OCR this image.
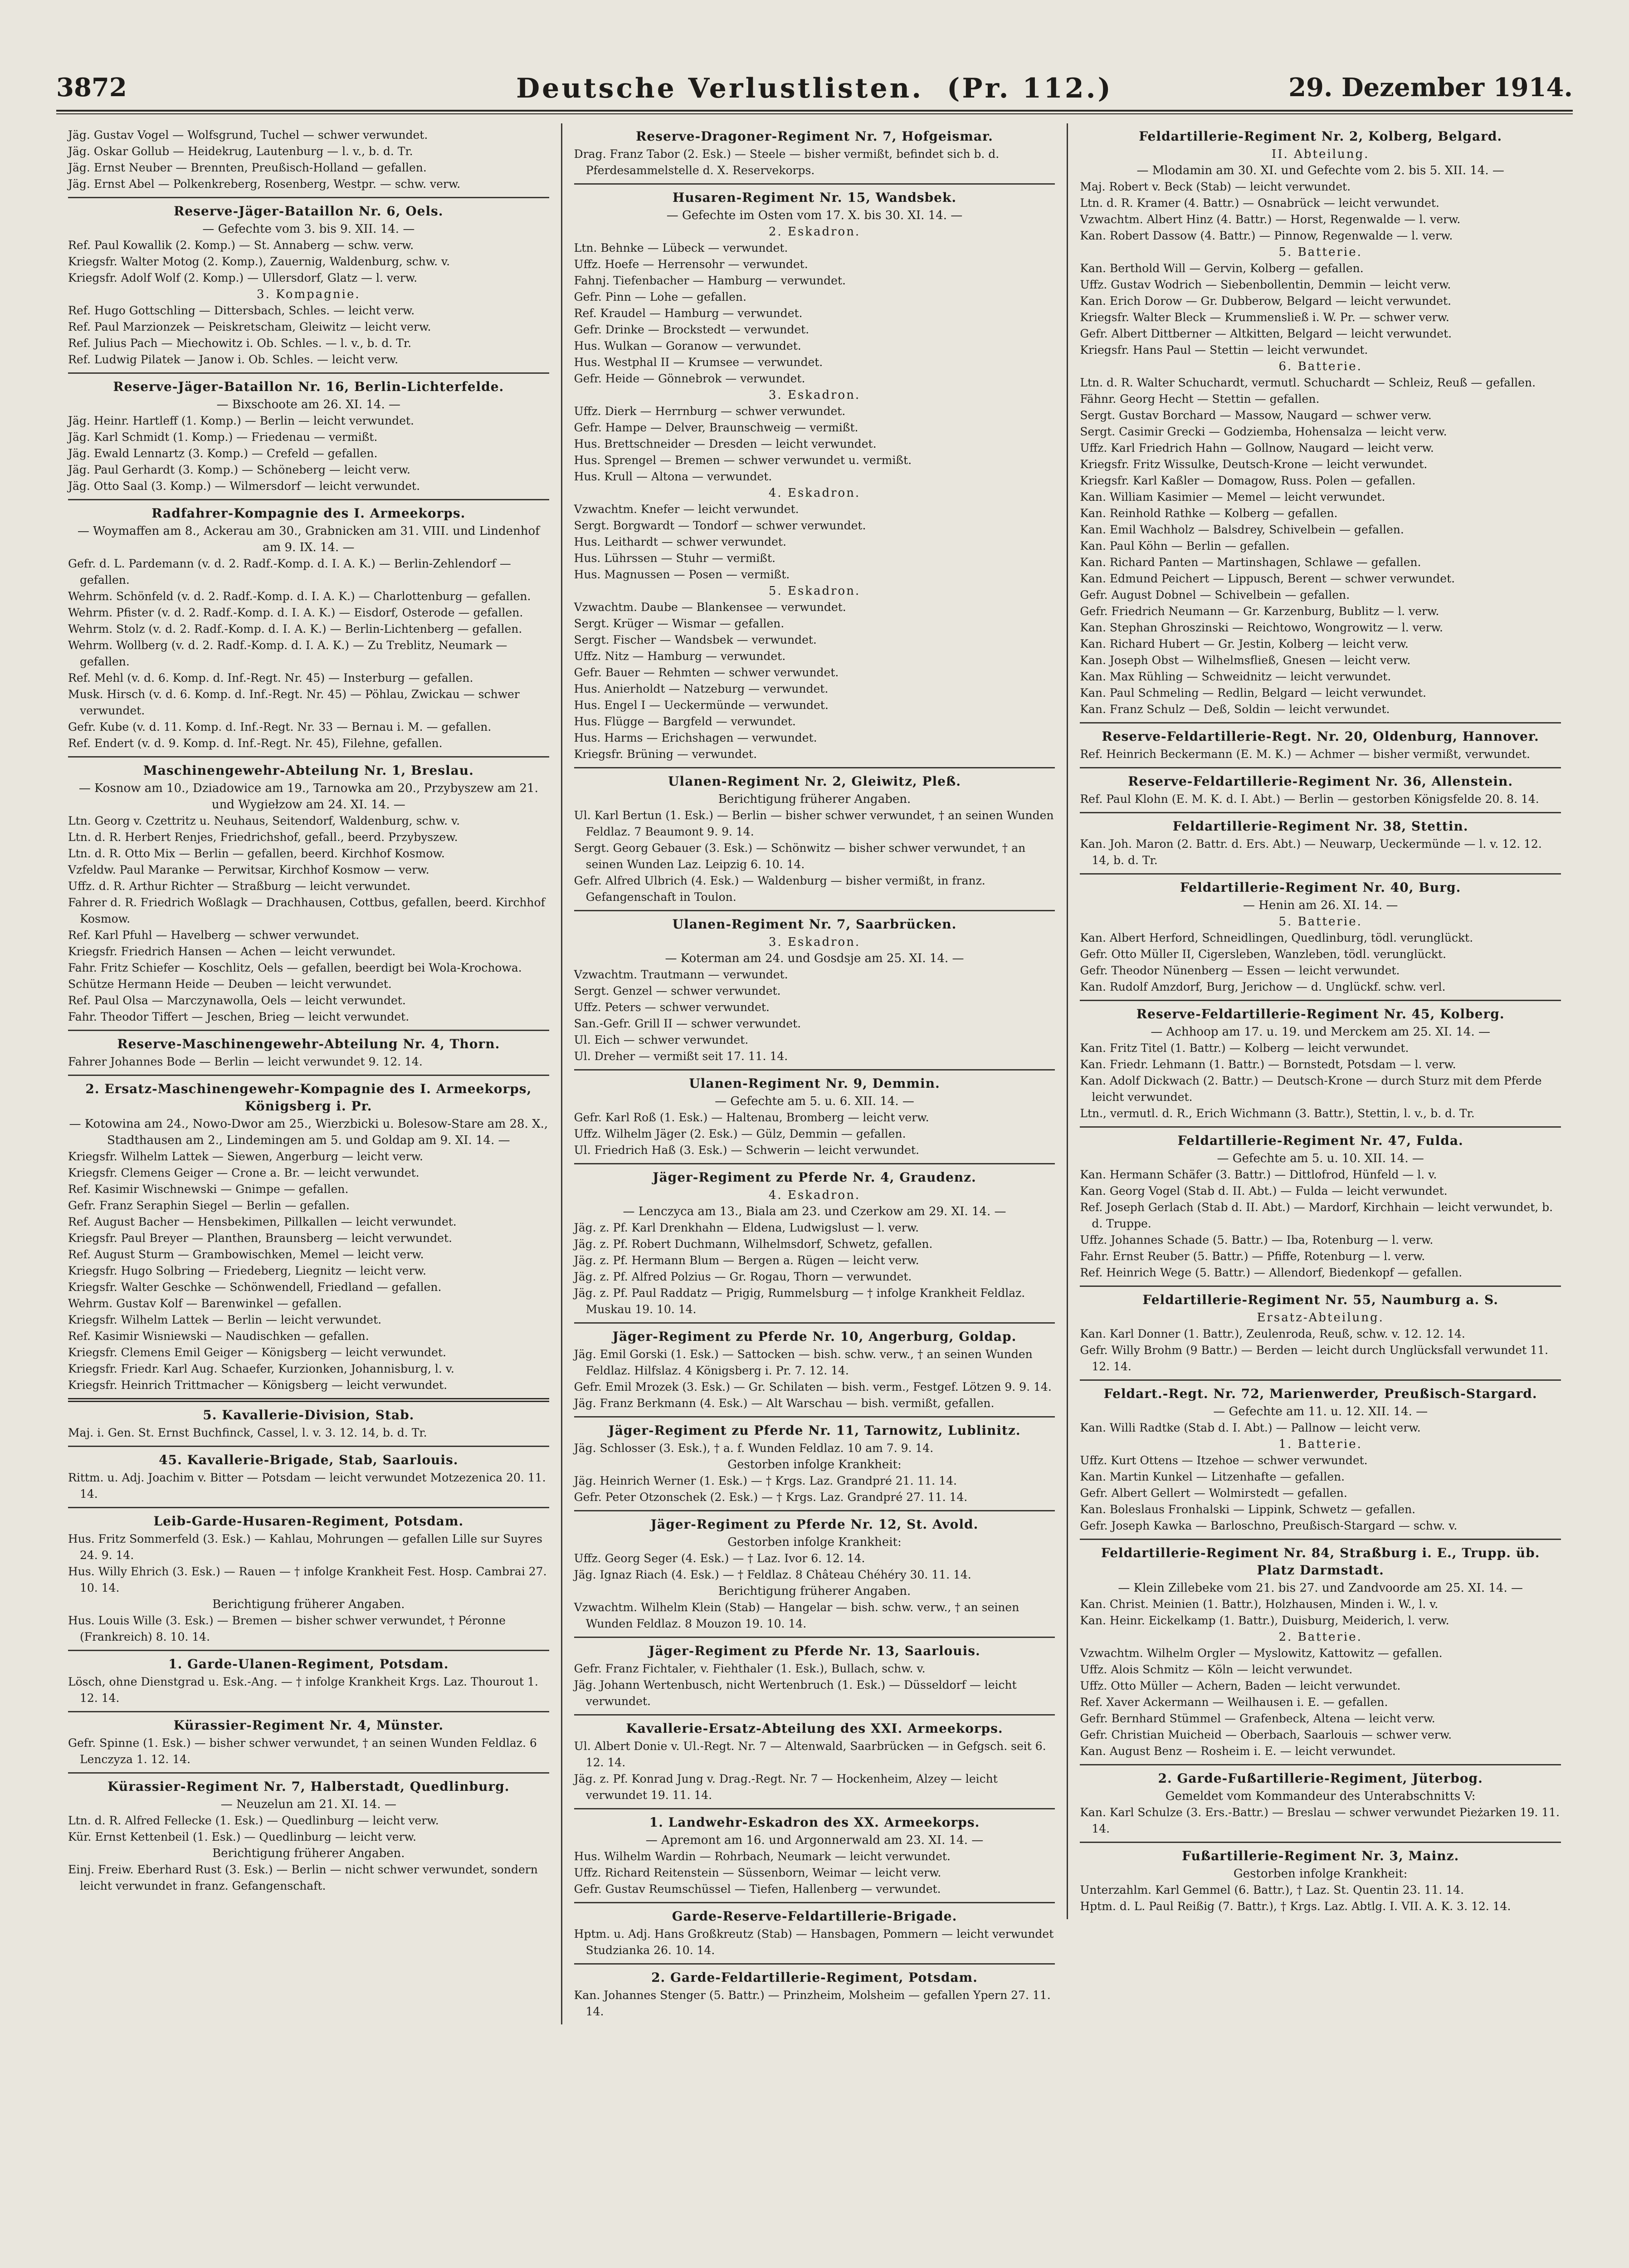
3872	Deutsche Verlustlisten. (Pr. 112.)	29. Dezember 1914.
Jäg. Gustav Vogel — Wolfsgrund, Tuchel — schwer verwundet.
Jäg. Oskar Gollub — Heidekrug, Lautenburg — l. v., b. d. Tr.
Jäg. Ernst Neuber — Brennten, Preußisch-Holland — gefallen.
Jäg. Ernst Abel — Polkenkreberg, Rosenberg, Westpr. — schw. verw.
Reserve-Jäger-Bataillon Nr. 6, Oels.
— Gefechte vom 3. bis 9. XII. 14. —
Ref. Paul Kowallik (2. Komp.) — St. Annaberg — schw. verw.
Kriegsfr. Walter Motog (2. Komp.), Zauernig, Waldenburg, schw. v.
Kriegsfr. Adolf Wolf (2. Komp.) — Ullersdorf, Glatz — l. verw.
3. Kompagnie.
Ref. Hugo Gottschling — Dittersbach, Schles. — leicht verw.
Ref. Paul Marzionzek — Peiskretscham, Gleiwitz — leicht verw.
Ref. Julius Pach — Miechowitz i. Ob. Schles. — l. v., b. d. Tr.
Ref. Ludwig Pilatek — Janow i. Ob. Schles. — leicht verw.
Reserve-Jäger-Bataillon Nr. 16, Berlin-Lichterfelde.
— Bixschoote am 26. XI. 14. —
Jäg. Heinr. Hartleff (1. Komp.) — Berlin — leicht verwundet.
Jäg. Karl Schmidt (1. Komp.) — Friedenau — vermißt.
Jäg. Ewald Lennartz (3. Komp.) — Crefeld — gefallen.
Jäg. Paul Gerhardt (3. Komp.) — Schöneberg — leicht verw.
Jäg. Otto Saal (3. Komp.) — Wilmersdorf — leicht verwundet.
Radfahrer-Kompagnie des I. Armeekorps.
— Woymaffen am 8., Ackerau am 30., Grabnicken am 31. VIII. und Lindenhof am 9. IX. 14. —
Gefr. d. L. Pardemann (v. d. 2. Radf.-Komp. d. I. A. K.) — Berlin-Zehlendorf — gefallen.
Wehrm. Schönfeld (v. d. 2. Radf.-Komp. d. I. A. K.) — Charlottenburg — gefallen.
Wehrm. Pfister (v. d. 2. Radf.-Komp. d. I. A. K.) — Eisdorf, Osterode — gefallen.
Wehrm. Stolz (v. d. 2. Radf.-Komp. d. I. A. K.) — Berlin-Lichtenberg — gefallen.
Wehrm. Wollberg (v. d. 2. Radf.-Komp. d. I. A. K.) — Zu Treblitz, Neumark — gefallen.
Ref. Mehl (v. d. 6. Komp. d. Inf.-Regt. Nr. 45) — Insterburg — gefallen.
Musk. Hirsch (v. d. 6. Komp. d. Inf.-Regt. Nr. 45) — Pöhlau, Zwickau — schwer verwundet.
Gefr. Kube (v. d. 11. Komp. d. Inf.-Regt. Nr. 33 — Bernau i. M. — gefallen.
Ref. Endert (v. d. 9. Komp. d. Inf.-Regt. Nr. 45), Filehne, gefallen.
Maschinengewehr-Abteilung Nr. 1, Breslau.
— Kosnow am 10., Dziadowice am 19., Tarnowka am 20., Przybyszew am 21. und Wygiełzow am 24. XI. 14. —
Ltn. Georg v. Czettritz u. Neuhaus, Seitendorf, Waldenburg, schw. v.
Ltn. d. R. Herbert Renjes, Friedrichshof, gefall., beerd. Przybyszew.
Ltn. d. R. Otto Mix — Berlin — gefallen, beerd. Kirchhof Kosmow.
Vzfeldw. Paul Maranke — Perwitsar, Kirchhof Kosmow — verw.
Uffz. d. R. Arthur Richter — Straßburg — leicht verwundet.
Fahrer d. R. Friedrich Woßlagk — Drachhausen, Cottbus, gefallen, beerd. Kirchhof Kosmow.
Ref. Karl Pfuhl — Havelberg — schwer verwundet.
Kriegsfr. Friedrich Hansen — Achen — leicht verwundet.
Fahr. Fritz Schiefer — Koschlitz, Oels — gefallen, beerdigt bei Wola-Krochowa.
Schütze Hermann Heide — Deuben — leicht verwundet.
Ref. Paul Olsa — Marczynawolla, Oels — leicht verwundet.
Fahr. Theodor Tiffert — Jeschen, Brieg — leicht verwundet.
Reserve-Maschinengewehr-Abteilung Nr. 4, Thorn.
Fahrer Johannes Bode — Berlin — leicht verwundet 9. 12. 14.
2. Ersatz-Maschinengewehr-Kompagnie des I. Armeekorps, Königsberg i. Pr.
— Kotowina am 24., Nowo-Dwor am 25., Wierzbicki u. Bolesow-Stare am 28. X., Stadthausen am 2., Lindemingen am 5. und Goldap am 9. XI. 14. —
Kriegsfr. Wilhelm Lattek — Siewen, Angerburg — leicht verw.
Kriegsfr. Clemens Geiger — Crone a. Br. — leicht verwundet.
Ref. Kasimir Wischnewski — Gnimpe — gefallen.
Gefr. Franz Seraphin Siegel — Berlin — gefallen.
Ref. August Bacher — Hensbekimen, Pillkallen — leicht verwundet.
Kriegsfr. Paul Breyer — Planthen, Braunsberg — leicht verwundet.
Ref. August Sturm — Grambowischken, Memel — leicht verw.
Kriegsfr. Hugo Solbring — Friedeberg, Liegnitz — leicht verw.
Kriegsfr. Walter Geschke — Schönwendell, Friedland — gefallen.
Wehrm. Gustav Kolf — Barenwinkel — gefallen.
Kriegsfr. Wilhelm Lattek — Berlin — leicht verwundet.
Ref. Kasimir Wisniewski — Naudischken — gefallen.
Kriegsfr. Clemens Emil Geiger — Königsberg — leicht verwundet.
Kriegsfr. Friedr. Karl Aug. Schaefer, Kurzionken, Johannisburg, l. v.
Kriegsfr. Heinrich Trittmacher — Königsberg — leicht verwundet.
5. Kavallerie-Division, Stab.
Maj. i. Gen. St. Ernst Buchfinck, Cassel, l. v. 3. 12. 14, b. d. Tr.
45. Kavallerie-Brigade, Stab, Saarlouis.
Rittm. u. Adj. Joachim v. Bitter — Potsdam — leicht verwundet Motzezenica 20. 11. 14.
Leib-Garde-Husaren-Regiment, Potsdam.
Hus. Fritz Sommerfeld (3. Esk.) — Kahlau, Mohrungen — gefallen Lille sur Suyres 24. 9. 14.
Hus. Willy Ehrich (3. Esk.) — Rauen — † infolge Krankheit Fest. Hosp. Cambrai 27. 10. 14.
Berichtigung früherer Angaben.
Hus. Louis Wille (3. Esk.) — Bremen — bisher schwer verwundet, † Péronne (Frankreich) 8. 10. 14.
1. Garde-Ulanen-Regiment, Potsdam.
Lösch, ohne Dienstgrad u. Esk.-Ang. — † infolge Krankheit Krgs. Laz. Thourout 1. 12. 14.
Kürassier-Regiment Nr. 4, Münster.
Gefr. Spinne (1. Esk.) — bisher schwer verwundet, † an seinen Wunden Feldlaz. 6 Lenczyza 1. 12. 14.
Kürassier-Regiment Nr. 7, Halberstadt, Quedlinburg.
— Neuzelun am 21. XI. 14. —
Ltn. d. R. Alfred Fellecke (1. Esk.) — Quedlinburg — leicht verw.
Kür. Ernst Kettenbeil (1. Esk.) — Quedlinburg — leicht verw.
Berichtigung früherer Angaben.
Einj. Freiw. Eberhard Rust (3. Esk.) — Berlin — nicht schwer verwundet, sondern leicht verwundet in franz. Gefangenschaft.
Reserve-Dragoner-Regiment Nr. 7, Hofgeismar.
Drag. Franz Tabor (2. Esk.) — Steele — bisher vermißt, befindet sich b. d. Pferdesammelstelle d. X. Reservekorps.
Husaren-Regiment Nr. 15, Wandsbek.
— Gefechte im Osten vom 17. X. bis 30. XI. 14. —
2. Eskadron.
Ltn. Behnke — Lübeck — verwundet.
Uffz. Hoefe — Herrensohr — verwundet.
Fahnj. Tiefenbacher — Hamburg — verwundet.
Gefr. Pinn — Lohe — gefallen.
Ref. Kraudel — Hamburg — verwundet.
Gefr. Drinke — Brockstedt — verwundet.
Hus. Wulkan — Goranow — verwundet.
Hus. Westphal II — Krumsee — verwundet.
Gefr. Heide — Gönnebrok — verwundet.
3. Eskadron.
Uffz. Dierk — Herrnburg — schwer verwundet.
Gefr. Hampe — Delver, Braunschweig — vermißt.
Hus. Brettschneider — Dresden — leicht verwundet.
Hus. Sprengel — Bremen — schwer verwundet u. vermißt.
Hus. Krull — Altona — verwundet.
4. Eskadron.
Vzwachtm. Knefer — leicht verwundet.
Sergt. Borgwardt — Tondorf — schwer verwundet.
Hus. Leithardt — schwer verwundet.
Hus. Lührssen — Stuhr — vermißt.
Hus. Magnussen — Posen — vermißt.
5. Eskadron.
Vzwachtm. Daube — Blankensee — verwundet.
Sergt. Krüger — Wismar — gefallen.
Sergt. Fischer — Wandsbek — verwundet.
Uffz. Nitz — Hamburg — verwundet.
Gefr. Bauer — Rehmten — schwer verwundet.
Hus. Anierholdt — Natzeburg — verwundet.
Hus. Engel I — Ueckermünde — verwundet.
Hus. Flügge — Bargfeld — verwundet.
Hus. Harms — Erichshagen — verwundet.
Kriegsfr. Brüning — verwundet.
Ulanen-Regiment Nr. 2, Gleiwitz, Pleß.
Berichtigung früherer Angaben.
Ul. Karl Bertun (1. Esk.) — Berlin — bisher schwer verwundet, † an seinen Wunden Feldlaz. 7 Beaumont 9. 9. 14.
Sergt. Georg Gebauer (3. Esk.) — Schönwitz — bisher schwer verwundet, † an seinen Wunden Laz. Leipzig 6. 10. 14.
Gefr. Alfred Ulbrich (4. Esk.) — Waldenburg — bisher vermißt, in franz. Gefangenschaft in Toulon.
Ulanen-Regiment Nr. 7, Saarbrücken.
3. Eskadron.
— Koterman am 24. und Gosdsje am 25. XI. 14. —
Vzwachtm. Trautmann — verwundet.
Sergt. Genzel — schwer verwundet.
Uffz. Peters — schwer verwundet.
San.-Gefr. Grill II — schwer verwundet.
Ul. Eich — schwer verwundet.
Ul. Dreher — vermißt seit 17. 11. 14.
Ulanen-Regiment Nr. 9, Demmin.
— Gefechte am 5. u. 6. XII. 14. —
Gefr. Karl Roß (1. Esk.) — Haltenau, Bromberg — leicht verw.
Uffz. Wilhelm Jäger (2. Esk.) — Gülz, Demmin — gefallen.
Ul. Friedrich Haß (3. Esk.) — Schwerin — leicht verwundet.
Jäger-Regiment zu Pferde Nr. 4, Graudenz.
4. Eskadron.
— Lenczyca am 13., Biala am 23. und Czerkow am 29. XI. 14. —
Jäg. z. Pf. Karl Drenkhahn — Eldena, Ludwigslust — l. verw.
Jäg. z. Pf. Robert Duchmann, Wilhelmsdorf, Schwetz, gefallen.
Jäg. z. Pf. Hermann Blum — Bergen a. Rügen — leicht verw.
Jäg. z. Pf. Alfred Polzius — Gr. Rogau, Thorn — verwundet.
Jäg. z. Pf. Paul Raddatz — Prigig, Rummelsburg — † infolge Krankheit Feldlaz. Muskau 19. 10. 14.
Jäger-Regiment zu Pferde Nr. 10, Angerburg, Goldap.
Jäg. Emil Gorski (1. Esk.) — Sattocken — bish. schw. verw., † an seinen Wunden Feldlaz. Hilfslaz. 4 Königsberg i. Pr. 7. 12. 14.
Gefr. Emil Mrozek (3. Esk.) — Gr. Schilaten — bish. verm., Festgef. Lötzen 9. 9. 14.
Jäg. Franz Berkmann (4. Esk.) — Alt Warschau — bish. vermißt, gefallen.
Jäger-Regiment zu Pferde Nr. 11, Tarnowitz, Lublinitz.
Jäg. Schlosser (3. Esk.), † a. f. Wunden Feldlaz. 10 am 7. 9. 14.
Gestorben infolge Krankheit:
Jäg. Heinrich Werner (1. Esk.) — † Krgs. Laz. Grandpré 21. 11. 14.
Gefr. Peter Otzonschek (2. Esk.) — † Krgs. Laz. Grandpré 27. 11. 14.
Jäger-Regiment zu Pferde Nr. 12, St. Avold.
Gestorben infolge Krankheit:
Uffz. Georg Seger (4. Esk.) — † Laz. Ivor 6. 12. 14.
Jäg. Ignaz Riach (4. Esk.) — † Feldlaz. 8 Château Chéhéry 30. 11. 14.
Berichtigung früherer Angaben.
Vzwachtm. Wilhelm Klein (Stab) — Hangelar — bish. schw. verw., † an seinen Wunden Feldlaz. 8 Mouzon 19. 10. 14.
Jäger-Regiment zu Pferde Nr. 13, Saarlouis.
Gefr. Franz Fichtaler, v. Fiehthaler (1. Esk.), Bullach, schw. v.
Jäg. Johann Wertenbusch, nicht Wertenbruch (1. Esk.) — Düsseldorf — leicht verwundet.
Kavallerie-Ersatz-Abteilung des XXI. Armeekorps.
Ul. Albert Donie v. Ul.-Regt. Nr. 7 — Altenwald, Saarbrücken — in Gefgsch. seit 6. 12. 14.
Jäg. z. Pf. Konrad Jung v. Drag.-Regt. Nr. 7 — Hockenheim, Alzey — leicht verwundet 19. 11. 14.
1. Landwehr-Eskadron des XX. Armeekorps.
— Apremont am 16. und Argonnerwald am 23. XI. 14. —
Hus. Wilhelm Wardin — Rohrbach, Neumark — leicht verwundet.
Uffz. Richard Reitenstein — Süssenborn, Weimar — leicht verw.
Gefr. Gustav Reumschüssel — Tiefen, Hallenberg — verwundet.
Garde-Reserve-Feldartillerie-Brigade.
Hptm. u. Adj. Hans Großkreutz (Stab) — Hansbagen, Pommern — leicht verwundet Studzianka 26. 10. 14.
2. Garde-Feldartillerie-Regiment, Potsdam.
Kan. Johannes Stenger (5. Battr.) — Prinzheim, Molsheim — gefallen Ypern 27. 11. 14.
Feldartillerie-Regiment Nr. 2, Kolberg, Belgard.
II. Abteilung.
— Mlodamin am 30. XI. und Gefechte vom 2. bis 5. XII. 14. —
Maj. Robert v. Beck (Stab) — leicht verwundet.
Ltn. d. R. Kramer (4. Battr.) — Osnabrück — leicht verwundet.
Vzwachtm. Albert Hinz (4. Battr.) — Horst, Regenwalde — l. verw.
Kan. Robert Dassow (4. Battr.) — Pinnow, Regenwalde — l. verw.
5. Batterie.
Kan. Berthold Will — Gervin, Kolberg — gefallen.
Uffz. Gustav Wodrich — Siebenbollentin, Demmin — leicht verw.
Kan. Erich Dorow — Gr. Dubberow, Belgard — leicht verwundet.
Kriegsfr. Walter Bleck — Krummensließ i. W. Pr. — schwer verw.
Gefr. Albert Dittberner — Altkitten, Belgard — leicht verwundet.
Kriegsfr. Hans Paul — Stettin — leicht verwundet.
6. Batterie.
Ltn. d. R. Walter Schuchardt, vermutl. Schuchardt — Schleiz, Reuß — gefallen.
Fähnr. Georg Hecht — Stettin — gefallen.
Sergt. Gustav Borchard — Massow, Naugard — schwer verw.
Sergt. Casimir Grecki — Godziemba, Hohensalza — leicht verw.
Uffz. Karl Friedrich Hahn — Gollnow, Naugard — leicht verw.
Kriegsfr. Fritz Wissulke, Deutsch-Krone — leicht verwundet.
Kriegsfr. Karl Kaßler — Domagow, Russ. Polen — gefallen.
Kan. William Kasimier — Memel — leicht verwundet.
Kan. Reinhold Rathke — Kolberg — gefallen.
Kan. Emil Wachholz — Balsdrey, Schivelbein — gefallen.
Kan. Paul Köhn — Berlin — gefallen.
Kan. Richard Panten — Martinshagen, Schlawe — gefallen.
Kan. Edmund Peichert — Lippusch, Berent — schwer verwundet.
Gefr. August Dobnel — Schivelbein — gefallen.
Gefr. Friedrich Neumann — Gr. Karzenburg, Bublitz — l. verw.
Kan. Stephan Ghroszinski — Reichtowo, Wongrowitz — l. verw.
Kan. Richard Hubert — Gr. Jestin, Kolberg — leicht verw.
Kan. Joseph Obst — Wilhelmsfließ, Gnesen — leicht verw.
Kan. Max Rühling — Schweidnitz — leicht verwundet.
Kan. Paul Schmeling — Redlin, Belgard — leicht verwundet.
Kan. Franz Schulz — Deß, Soldin — leicht verwundet.
Reserve-Feldartillerie-Regt. Nr. 20, Oldenburg, Hannover.
Ref. Heinrich Beckermann (E. M. K.) — Achmer — bisher vermißt, verwundet.
Reserve-Feldartillerie-Regiment Nr. 36, Allenstein.
Ref. Paul Klohn (E. M. K. d. I. Abt.) — Berlin — gestorben Königsfelde 20. 8. 14.
Feldartillerie-Regiment Nr. 38, Stettin.
Kan. Joh. Maron (2. Battr. d. Ers. Abt.) — Neuwarp, Ueckermünde — l. v. 12. 12. 14, b. d. Tr.
Feldartillerie-Regiment Nr. 40, Burg.
— Henin am 26. XI. 14. —
5. Batterie.
Kan. Albert Herford, Schneidlingen, Quedlinburg, tödl. verunglückt.
Gefr. Otto Müller II, Cigersleben, Wanzleben, tödl. verunglückt.
Gefr. Theodor Nünenberg — Essen — leicht verwundet.
Kan. Rudolf Amzdorf, Burg, Jerichow — d. Unglückf. schw. verl.
Reserve-Feldartillerie-Regiment Nr. 45, Kolberg.
— Achhoop am 17. u. 19. und Merckem am 25. XI. 14. —
Kan. Fritz Titel (1. Battr.) — Kolberg — leicht verwundet.
Kan. Friedr. Lehmann (1. Battr.) — Bornstedt, Potsdam — l. verw.
Kan. Adolf Dickwach (2. Battr.) — Deutsch-Krone — durch Sturz mit dem Pferde leicht verwundet.
Ltn., vermutl. d. R., Erich Wichmann (3. Battr.), Stettin, l. v., b. d. Tr.
Feldartillerie-Regiment Nr. 47, Fulda.
— Gefechte am 5. u. 10. XII. 14. —
Kan. Hermann Schäfer (3. Battr.) — Dittlofrod, Hünfeld — l. v.
Kan. Georg Vogel (Stab d. II. Abt.) — Fulda — leicht verwundet.
Ref. Joseph Gerlach (Stab d. II. Abt.) — Mardorf, Kirchhain — leicht verwundet, b. d. Truppe.
Uffz. Johannes Schade (5. Battr.) — Iba, Rotenburg — l. verw.
Fahr. Ernst Reuber (5. Battr.) — Pfiffe, Rotenburg — l. verw.
Ref. Heinrich Wege (5. Battr.) — Allendorf, Biedenkopf — gefallen.
Feldartillerie-Regiment Nr. 55, Naumburg a. S.
Ersatz-Abteilung.
Kan. Karl Donner (1. Battr.), Zeulenroda, Reuß, schw. v. 12. 12. 14.
Gefr. Willy Brohm (9 Battr.) — Berden — leicht durch Unglücksfall verwundet 11. 12. 14.
Feldart.-Regt. Nr. 72, Marienwerder, Preußisch-Stargard.
— Gefechte am 11. u. 12. XII. 14. —
Kan. Willi Radtke (Stab d. I. Abt.) — Pallnow — leicht verw.
1. Batterie.
Uffz. Kurt Ottens — Itzehoe — schwer verwundet.
Kan. Martin Kunkel — Litzenhafte — gefallen.
Gefr. Albert Gellert — Wolmirstedt — gefallen.
Kan. Boleslaus Fronhalski — Lippink, Schwetz — gefallen.
Gefr. Joseph Kawka — Barloschno, Preußisch-Stargard — schw. v.
Feldartillerie-Regiment Nr. 84, Straßburg i. E., Trupp. üb. Platz Darmstadt.
— Klein Zillebeke vom 21. bis 27. und Zandvoorde am 25. XI. 14. —
Kan. Christ. Meinien (1. Battr.), Holzhausen, Minden i. W., l. v.
Kan. Heinr. Eickelkamp (1. Battr.), Duisburg, Meiderich, l. verw.
2. Batterie.
Vzwachtm. Wilhelm Orgler — Myslowitz, Kattowitz — gefallen.
Uffz. Alois Schmitz — Köln — leicht verwundet.
Uffz. Otto Müller — Achern, Baden — leicht verwundet.
Ref. Xaver Ackermann — Weilhausen i. E. — gefallen.
Gefr. Bernhard Stümmel — Grafenbeck, Altena — leicht verw.
Gefr. Christian Muicheid — Oberbach, Saarlouis — schwer verw.
Kan. August Benz — Rosheim i. E. — leicht verwundet.
2. Garde-Fußartillerie-Regiment, Jüterbog.
Gemeldet vom Kommandeur des Unterabschnitts V:
Kan. Karl Schulze (3. Ers.-Battr.) — Breslau — schwer verwundet Pieżarken 19. 11. 14.
Fußartillerie-Regiment Nr. 3, Mainz.
Gestorben infolge Krankheit:
Unterzahlm. Karl Gemmel (6. Battr.), † Laz. St. Quentin 23. 11. 14.
Hptm. d. L. Paul Reißig (7. Battr.), † Krgs. Laz. Abtlg. I. VII. A. K. 3. 12. 14.
